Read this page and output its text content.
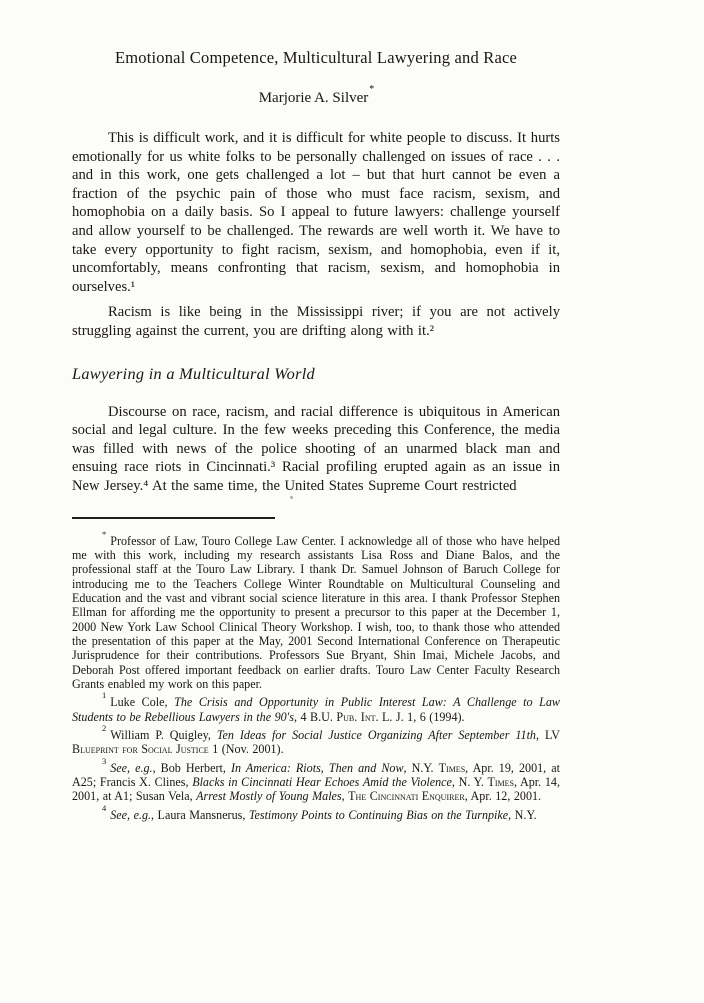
Emotional Competence, Multicultural Lawyering and Race
Marjorie A. Silver*

This is difficult work, and it is difficult for white people to discuss. It hurts emotionally for us white folks to be personally challenged on issues of race . . . and in this work, one gets challenged a lot – but that hurt cannot be even a fraction of the psychic pain of those who must face racism, sexism, and homophobia on a daily basis. So I appeal to future lawyers: challenge yourself and allow yourself to be challenged. The rewards are well worth it. We have to take every opportunity to fight racism, sexism, and homophobia, even if it, uncomfortably, means confronting that racism, sexism, and homophobia in ourselves.¹

Racism is like being in the Mississippi river; if you are not actively struggling against the current, you are drifting along with it.²

Lawyering in a Multicultural World

Discourse on race, racism, and racial difference is ubiquitous in American social and legal culture. In the few weeks preceding this Conference, the media was filled with news of the police shooting of an unarmed black man and ensuing race riots in Cincinnati.³ Racial profiling erupted again as an issue in New Jersey.⁴ At the same time, the United States Supreme Court restricted

*Professor of Law, Touro College Law Center. I acknowledge all of those who have helped me with this work, including my research assistants Lisa Ross and Diane Balos, and the professional staff at the Touro Law Library. I thank Dr. Samuel Johnson of Baruch College for introducing me to the Teachers College Winter Roundtable on Multicultural Counseling and Education and the vast and vibrant social science literature in this area. I thank Professor Stephen Ellman for affording me the opportunity to present a precursor to this paper at the December 1, 2000 New York Law School Clinical Theory Workshop. I wish, too, to thank those who attended the presentation of this paper at the May, 2001 Second International Conference on Therapeutic Jurisprudence for their contributions. Professors Sue Bryant, Shin Imai, Michele Jacobs, and Deborah Post offered important feedback on earlier drafts. Touro Law Center Faculty Research Grants enabled my work on this paper.

$^1$Luke Cole, The Crisis and Opportunity in Public Interest Law: A Challenge to Law Students to be Rebellious Lawyers in the 90's, 4 B.U. Pub. Int. L. J. 1, 6 (1994).

$^2$William P. Quigley, Ten Ideas for Social Justice Organizing After September 11th, LV Blueprint for Social Justice 1 (Nov. 2001).

$^3$See, e.g., Bob Herbert, In America: Riots, Then and Now, N.Y. Times, Apr. 19, 2001, at A25; Francis X. Clines, Blacks in Cincinnati Hear Echoes Amid the Violence, N. Y. Times, Apr. 14, 2001, at A1; Susan Vela, Arrest Mostly of Young Males, The Cincinnati Enquirer, Apr. 12, 2001.

$^4$See, e.g., Laura Mansnerus, Testimony Points to Continuing Bias on the Turnpike, N.Y.
